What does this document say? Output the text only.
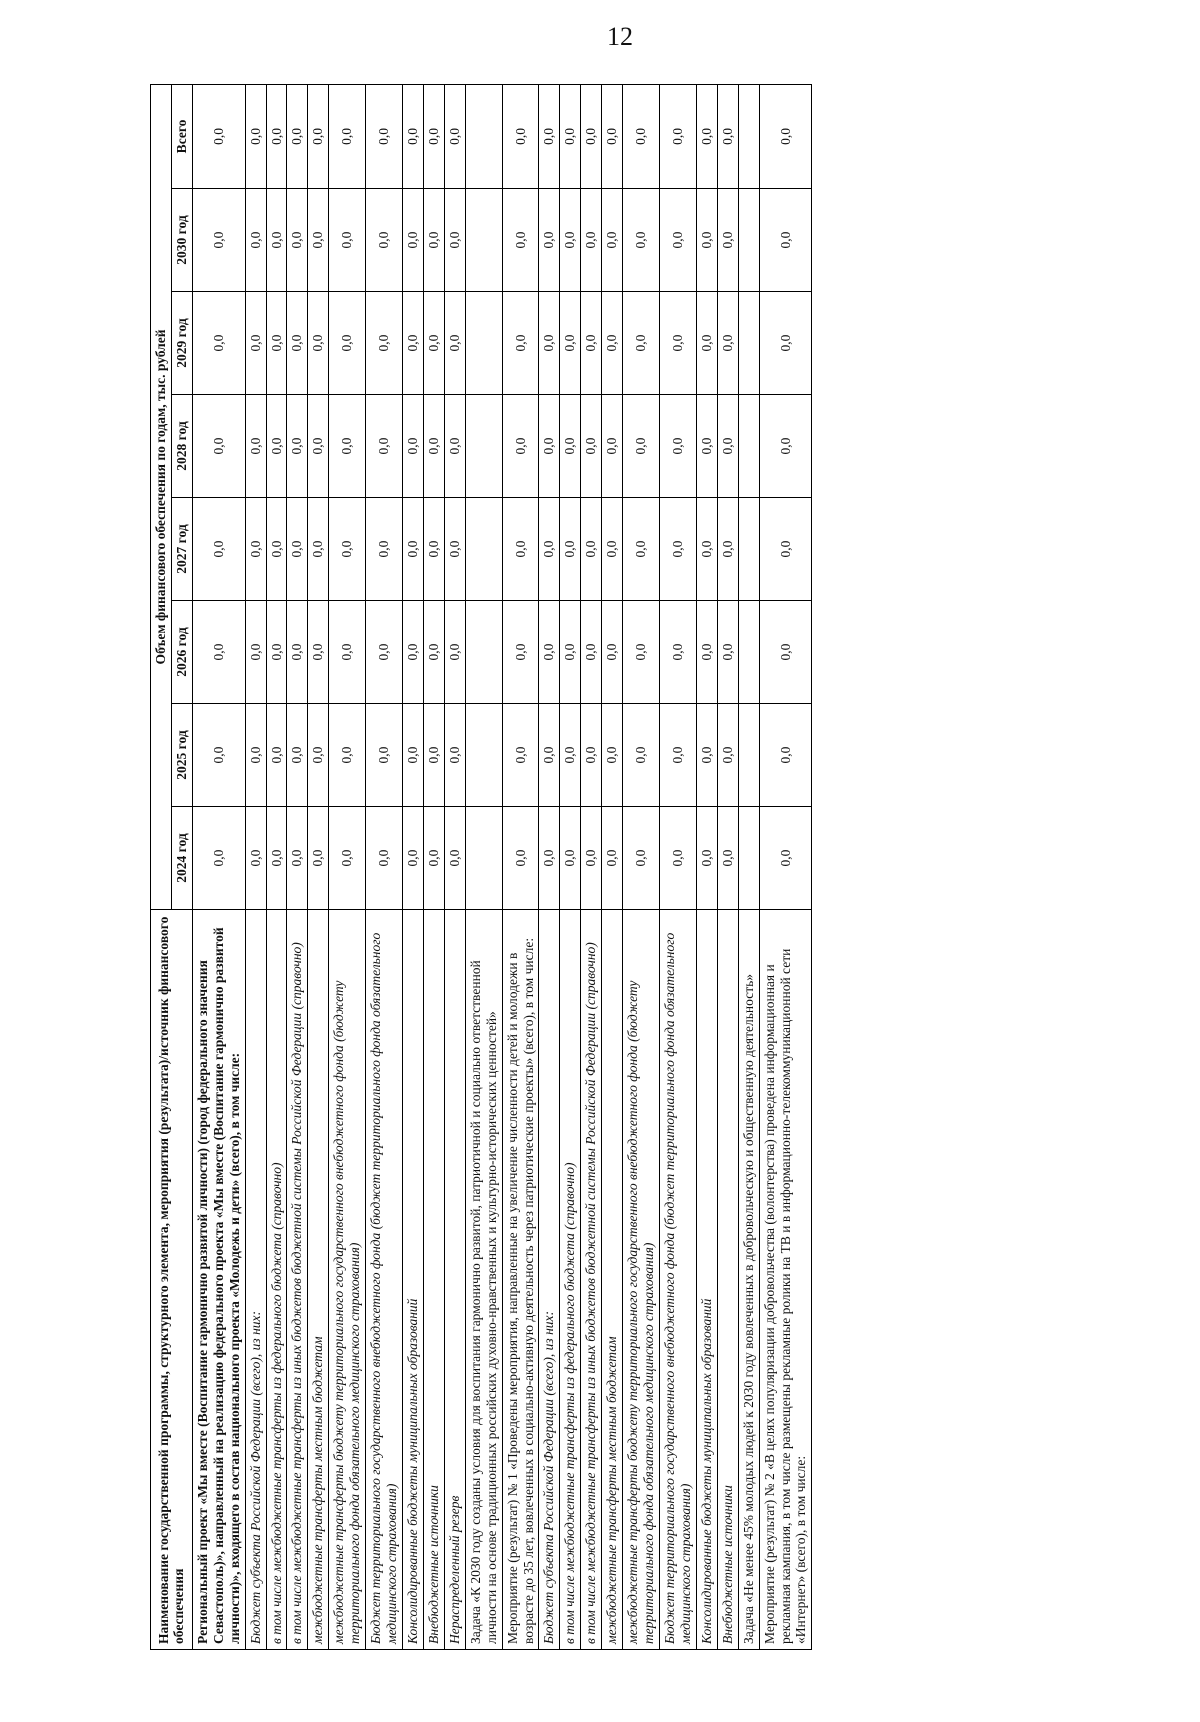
12
Наименование государственной программы, структурного элемента, мероприятия (результата)/источник финансового обеспечения	Объем финансового обеспечения по годам, тыс. рублей							
	2024 год	2025 год	2026 год	2027 год	2028 год	2029 год	2030 год	Всего
Региональный проект «Мы вместе (Воспитание гармонично развитой личности) (город федерального значения Севастополь)», направленный на реализацию федерального проекта «Мы вместе (Воспитание гармонично развитой личности)», входящего в состав национального проекта «Молодежь и дети» (всего), в том числе:	0,0	0,0	0,0	0,0	0,0	0,0	0,0	0,0
Бюджет субъекта Российской Федерации (всего), из них:	0,0	0,0	0,0	0,0	0,0	0,0	0,0	0,0
в том числе межбюджетные трансферты из федерального бюджета (справочно)	0,0	0,0	0,0	0,0	0,0	0,0	0,0	0,0
в том числе межбюджетные трансферты из иных бюджетов бюджетной системы Российской Федерации (справочно)	0,0	0,0	0,0	0,0	0,0	0,0	0,0	0,0
межбюджетные трансферты местным бюджетам	0,0	0,0	0,0	0,0	0,0	0,0	0,0	0,0
межбюджетные трансферты бюджету территориального государственного внебюджетного фонда (бюджету территориального фонда обязательного медицинского страхования)	0,0	0,0	0,0	0,0	0,0	0,0	0,0	0,0
Бюджет территориального государственного внебюджетного фонда (бюджет территориального фонда обязательного медицинского страхования)	0,0	0,0	0,0	0,0	0,0	0,0	0,0	0,0
Консолидированные бюджеты муниципальных образований	0,0	0,0	0,0	0,0	0,0	0,0	0,0	0,0
Внебюджетные источники	0,0	0,0	0,0	0,0	0,0	0,0	0,0	0,0
Нераспределенный резерв	0,0	0,0	0,0	0,0	0,0	0,0	0,0	0,0
Задача «К 2030 году созданы условия для воспитания гармонично развитой, патриотичной и социально ответственной личности на основе традиционных российских духовно-нравственных и культурно-исторических ценностей»								
Мероприятие (результат) № 1 «Проведены мероприятия, направленные на увеличение численности детей и молодежи в возрасте до 35 лет, вовлеченных в социально-активную деятельность через патриотические проекты» (всего), в том числе:	0,0	0,0	0,0	0,0	0,0	0,0	0,0	0,0
Бюджет субъекта Российской Федерации (всего), из них:	0,0	0,0	0,0	0,0	0,0	0,0	0,0	0,0
в том числе межбюджетные трансферты из федерального бюджета (справочно)	0,0	0,0	0,0	0,0	0,0	0,0	0,0	0,0
в том числе межбюджетные трансферты из иных бюджетов бюджетной системы Российской Федерации (справочно)	0,0	0,0	0,0	0,0	0,0	0,0	0,0	0,0
межбюджетные трансферты местным бюджетам	0,0	0,0	0,0	0,0	0,0	0,0	0,0	0,0
межбюджетные трансферты бюджету территориального государственного внебюджетного фонда (бюджету территориального фонда обязательного медицинского страхования)	0,0	0,0	0,0	0,0	0,0	0,0	0,0	0,0
Бюджет территориального государственного внебюджетного фонда (бюджет территориального фонда обязательного медицинского страхования)	0,0	0,0	0,0	0,0	0,0	0,0	0,0	0,0
Консолидированные бюджеты муниципальных образований	0,0	0,0	0,0	0,0	0,0	0,0	0,0	0,0
Внебюджетные источники	0,0	0,0	0,0	0,0	0,0	0,0	0,0	0,0
Задача «Не менее 45% молодых людей к 2030 году вовлеченных в добровольческую и общественную деятельность»								
Мероприятие (результат) № 2 «В целях популяризации добровольчества (волонтерства) проведена информационная и рекламная кампания, в том числе размещены рекламные ролики на ТВ и в информационно-телекоммуникационной сети «Интернет» (всего), в том числе:	0,0	0,0	0,0	0,0	0,0	0,0	0,0	0,0
